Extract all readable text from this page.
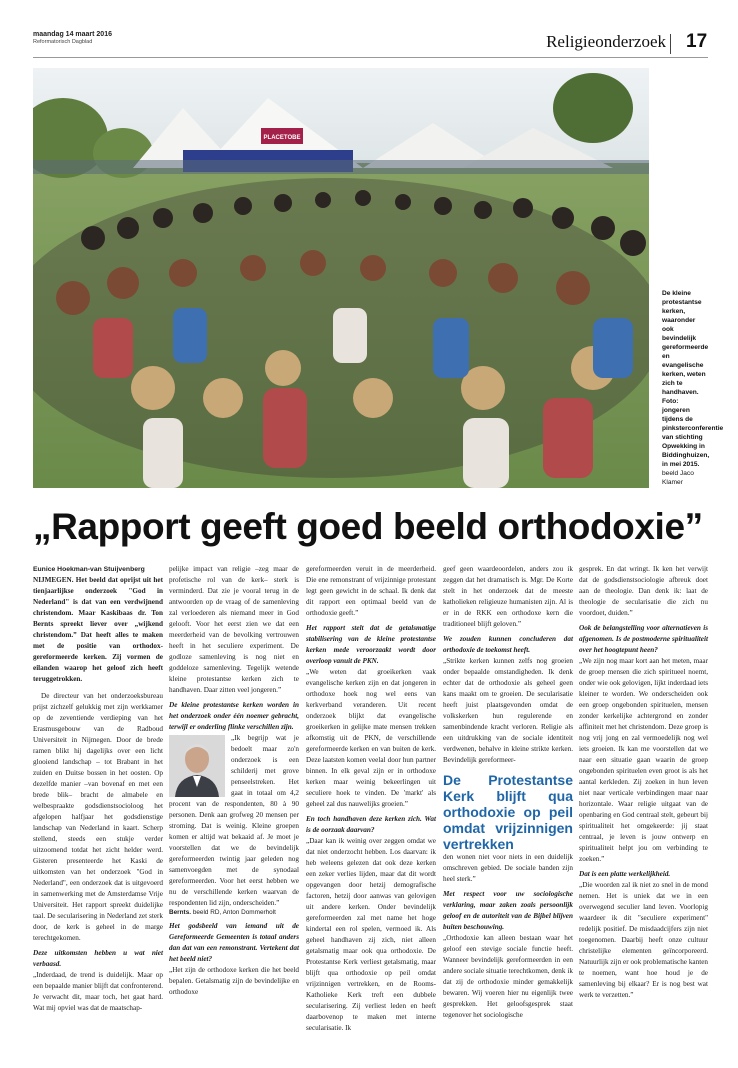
maandag 14 maart 2016
Reformatorisch Dagblad	Religieonderzoek 17
PLACETOBE
De kleine protestantse kerken, waaronder ook bevindelijk gereformeerde en evangelische kerken, weten zich te handhaven. Foto: jongeren tijdens de pinksterconferentie van stichting Opwekking in Biddinghuizen, in mei 2015. beeld Jaco Klamer
„Rapport geeft goed beeld orthodoxie”

Eunice Hoekman-van Stuijvenberg

NIJMEGEN. Het beeld dat oprijst uit het tienjaarlijkse onderzoek "God in Nederland" is dat van een verdwijnend christendom. Maar Kaskibaas dr. Ton Bernts spreekt liever over „wijkend christendom.” Dat heeft alles te maken met de positie van orthodox-gereformeerde kerken. Zij vormen de eilanden waarop het geloof zich heeft teruggetrokken.

De directeur van het onderzoeksbureau prijst zichzelf gelukkig met zijn werkkamer op de zeventiende verdieping van het Erasmusgebouw van de Radboud Universiteit in Nijmegen. Door de brede ramen blikt hij dagelijks over een licht glooiend landschap – tot Brabant in het zuiden en Duitse bossen in het oosten. Op dezelfde manier –van bovenaf en met een brede blik– bracht de almabele en welbespraakte godsdienstsocioloog het afgelopen halfjaar het godsdienstige landschap van Nederland in kaart. Scherp stellend, steeds een stukje verder uitzoomend totdat het zicht helder werd. Gisteren presenteerde het Kaski de uitkomsten van het onderzoek "God in Nederland", een onderzoek dat is uitgevoerd in samenwerking met de Amsterdamse Vrije Universiteit. Het rapport spreekt duidelijke taal. De secularisering in Nederland zet sterk door, de kerk is geheel in de marge terechtgekomen.

Deze uitkomsten hebben u wat niet verbaasd.

„Inderdaad, de trend is duidelijk. Maar op een bepaalde manier blijft dat confronterend. Je verwacht dit, maar toch, het gaat hard. Wat mij opviel was dat de maatschap-

pelijke impact van religie –zeg maar de profetische rol van de kerk– sterk is verminderd. Dat zie je vooral terug in de antwoorden op de vraag of de samenleving zal verloederen als niemand meer in God gelooft. Voor het eerst zien we dat een meerderheid van de bevolking vertrouwen heeft in het seculiere experiment. De godloze samenleving is nog niet en goddeloze samenleving. Tegelijk wetende kleine protestantse kerken zich te handhaven. Daar zitten veel jongeren.”

De kleine protestantse kerken worden in het onderzoek onder één noemer gebracht, terwijl er onderling flinke verschillen zijn.

„Ik begrijp wat je bedoelt maar zo'n onderzoek is een schilderij met grove penseelstreken. Het gaat in totaal om 4,2 procent van de respondenten, 80 à 90 personen. Denk aan grofweg 20 mensen per stroming. Dat is weinig. Kleine groepen komen er altijd wat bekaaid af. Je moet je voorstellen dat we de bevindelijk gereformeerden twintig jaar geleden nog samenvoegden met de synodaal gereformeerden. Voor het eerst hebben we nu de verschillende kerken waarvan de respondenten lid zijn, onderscheiden.”

Bernts. beeld RD, Anton Dommerholt

Het godsbeeld van iemand uit de Gereformeerde Gemeenten is totaal anders dan dat van een remonstrant. Vertekent dat het beeld niet?

„Het zijn de orthodoxe kerken die het beeld bepalen. Getalsmatig zijn de bevindelijke en orthodoxe

gereformeerden veruit in de meerderheid. Die ene remonstrant of vrijzinnige protestant legt geen gewicht in de schaal. Ik denk dat dit rapport een optimaal beeld van de orthodoxie geeft.”

Het rapport stelt dat de getalsmatige stabilisering van de kleine protestantse kerken mede veroorzaakt wordt door overloop vanuit de PKN.

„We weten dat groeikerken vaak evangelische kerken zijn en dat jongeren in orthodoxe hoek nog wel eens van kerkverband veranderen. Uit recent onderzoek blijkt dat evangelische groeikerken in gelijke mate mensen trekken afkomstig uit de PKN, de verschillende gereformeerde kerken en van buiten de kerk. Deze laatsten komen veelal door hun partner binnen. In elk geval zijn er in orthodoxe kerken maar weinig bekeerlingen uit seculiere hoek te vinden. De 'markt' als geheel zal dus nauwelijks groeien.”

En toch handhaven deze kerken zich. Wat is de oorzaak daarvan?

„Daar kan ik weinig over zeggen omdat we dat niet onderzocht hebben. Los daarvan: ik heb weleens gelezen dat ook deze kerken een zeker verlies lijden, maar dat dit wordt opgevangen door hetzij demografische factoren, hetzij door aanwas van gelovigen uit andere kerken. Onder bevindelijk gereformeerden zal met name het hoge kindertal een rol spelen, vermoed ik. Als geheel handhaven zij zich, niet alleen getalsmatig maar ook qua orthodoxie. De Protestantse Kerk verliest getalsmatig, maar blijft qua orthodoxie op peil omdat vrijzinnigen vertrekken, en de Rooms-Katholieke Kerk treft een dubbele secularisering. Zij verliest leden en heeft daarbovenop te maken met interne secularisatie. Ik

geef geen waardeoordelen, anders zou ik zeggen dat het dramatisch is. Mgr. De Korte stelt in het onderzoek dat de meeste katholieken religieuze humanisten zijn. Al is er in de RKK een orthodoxe kern die traditioneel blijft geloven.”

We zouden kunnen concluderen dat orthodoxie de toekomst heeft.

„Strikte kerken kunnen zelfs nog groeien onder bepaalde omstandigheden. Ik denk echter dat de orthodoxie als geheel geen kans maakt om te groeien. De secularisatie heeft juist plaatsgevonden omdat de volkskerken hun regulerende en samenbindende kracht verloren. Religie als een uitdrukking van de sociale identiteit verdwenen, behalve in kleine strikte kerken. Bevindelijk gereformeer-

De Protestantse Kerk blijft qua orthodoxie op peil omdat vrijzinnigen vertrekken

den wonen niet voor niets in een duidelijk omschreven gebied. De sociale banden zijn heel sterk.”

Met respect voor uw sociologische verklaring, maar zaken zoals persoonlijk geloof en de autoriteit van de Bijbel blijven buiten beschouwing.

„Orthodoxie kan alleen bestaan waar het geloof een stevige sociale functie heeft. Wanneer bevindelijk gereformeerden in een andere sociale situatie terechtkomen, denk ik dat zij de orthodoxie minder gemakkelijk bewaren. Wij voeren hier nu eigenlijk twee gesprekken. Het geloofsgesprek staat tegenover het sociologische

gesprek. En dat wringt. Ik ken het verwijt dat de godsdienstsociologie afbreuk doet aan de theologie. Dan denk ik: laat de theologie de secularisatie die zich nu voordoet, duiden.”

Ook de belangstelling voor alternatieven is afgenomen. Is de postmoderne spiritualiteit over het hoogtepunt heen?

„We zijn nog maar kort aan het meten, maar de groep mensen die zich spiritueel noemt, onder wie ook gelovigen, lijkt inderdaad iets kleiner te worden. We onderscheiden ook een groep ongebonden spirituelen, mensen zonder kerkelijke achtergrond en zonder affiniteit met het christendom. Deze groep is nog vrij jong en zal vermoedelijk nog wel iets groeien. Ik kan me voorstellen dat we naar een situatie gaan waarin de groep ongebonden spirituelen even groot is als het aantal kerkleden. Zij zoeken in hun leven niet naar verticale verbindingen maar naar horizontale. Waar religie uitgaat van de openbaring en God centraal stelt, gebeurt bij spiritualiteit het omgekeerde: jij staat centraal, je leven is jouw ontwerp en spiritualiteit helpt jou om verbinding te zoeken.”

Dat is een platte werkelijkheid.

„Die woorden zal ik niet zo snel in de mond nemen. Het is uniek dat we in een overwegend seculier land leven. Voorlopig waardeer ik dit "seculiere experiment" redelijk positief. De misdaadcijfers zijn niet toegenomen. Daarbij heeft onze cultuur christelijke elementen geïncorporeerd. Natuurlijk zijn er ook problematische kanten te noemen, want hoe houd je de samenleving bij elkaar? Er is nog best wat werk te verzetten.”
